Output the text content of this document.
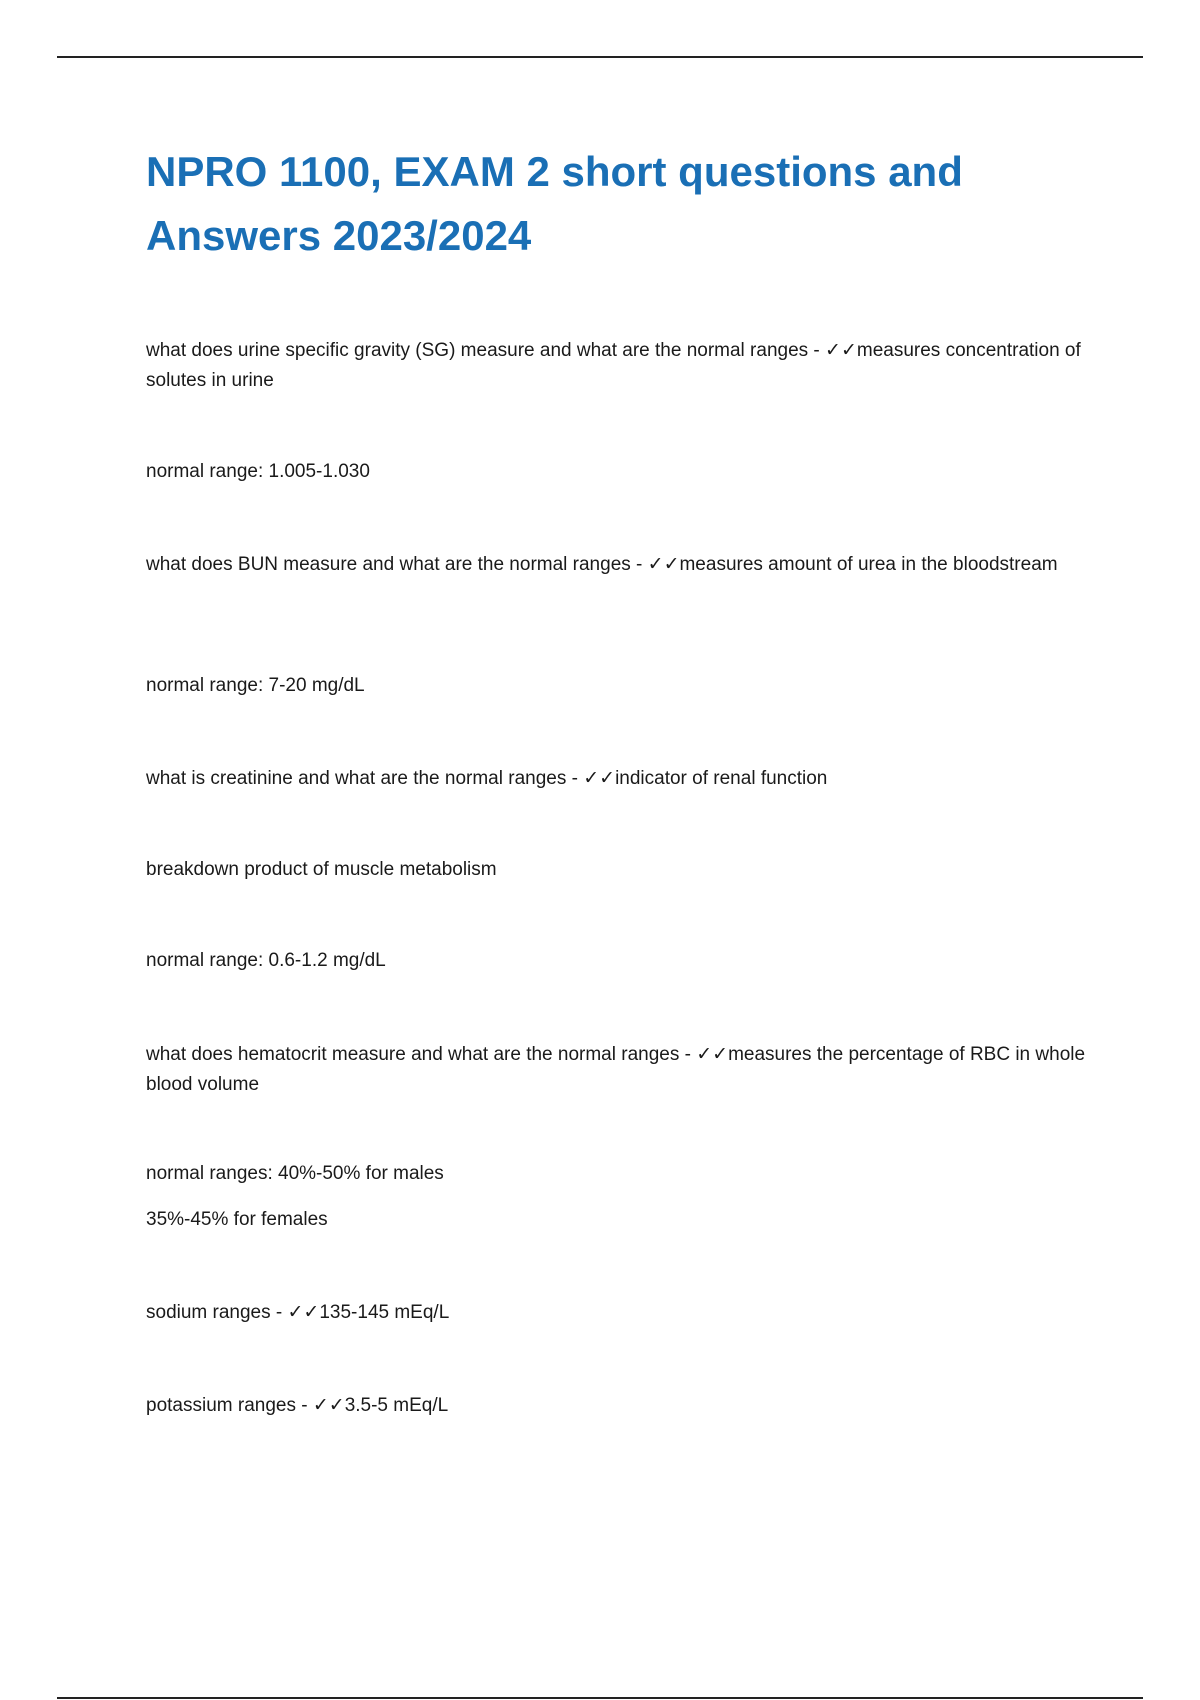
NPRO 1100, EXAM 2 short questions and Answers 2023/2024

what does urine specific gravity (SG) measure and what are the normal ranges - ✓✓measures concentration of solutes in urine

normal range: 1.005-1.030

what does BUN measure and what are the normal ranges - ✓✓measures amount of urea in the bloodstream

normal range: 7-20 mg/dL

what is creatinine and what are the normal ranges - ✓✓indicator of renal function

breakdown product of muscle metabolism

normal range: 0.6-1.2 mg/dL

what does hematocrit measure and what are the normal ranges - ✓✓measures the percentage of RBC in whole blood volume

normal ranges: 40%-50% for males

35%-45% for females

sodium ranges - ✓✓135-145 mEq/L

potassium ranges - ✓✓3.5-5 mEq/L
